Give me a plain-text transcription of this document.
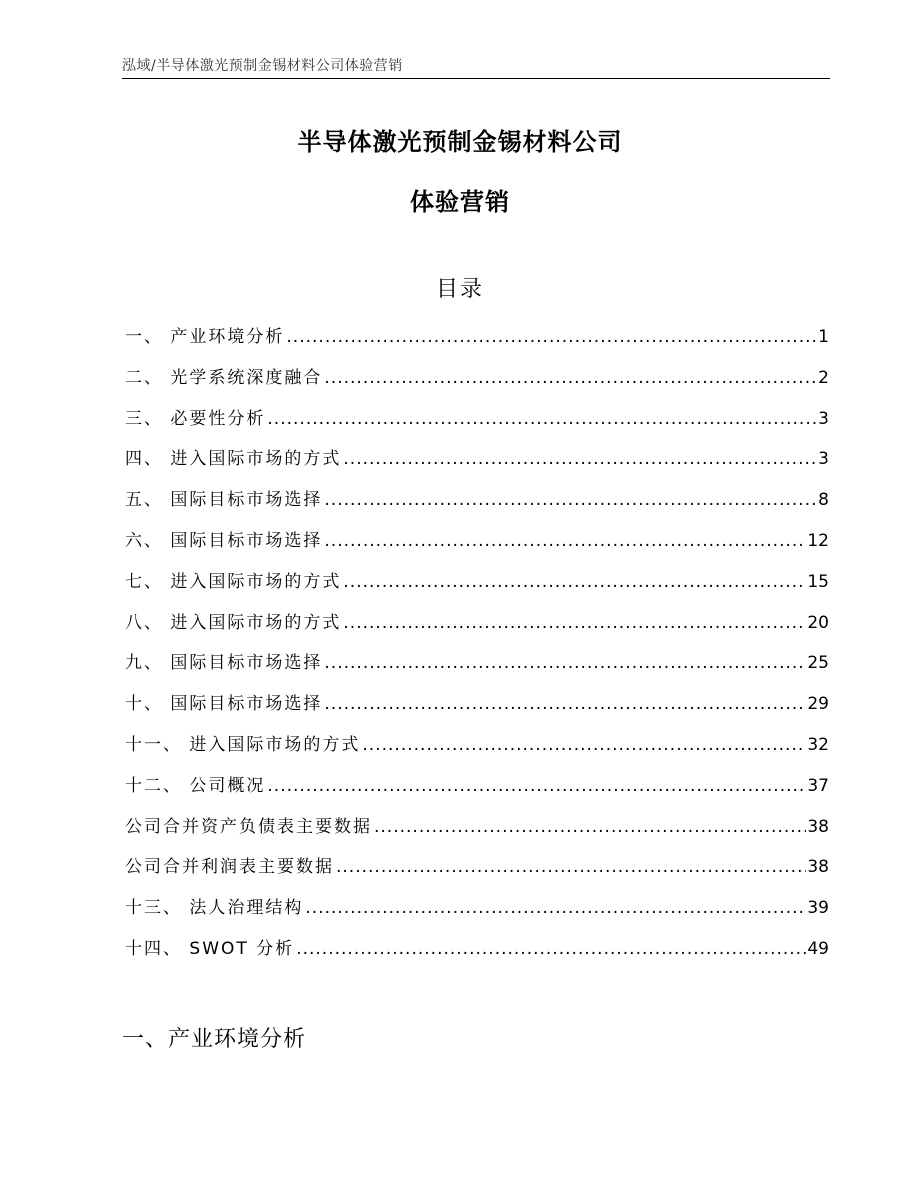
泓域/半导体激光预制金锡材料公司体验营销
半导体激光预制金锡材料公司
体验营销
目录
一、 产业环境分析 .....	1
二、 光学系统深度融合 .....	2
三、 必要性分析 .....	3
四、 进入国际市场的方式 .....	3
五、 国际目标市场选择 .....	8
六、 国际目标市场选择 .....	12
七、 进入国际市场的方式 .....	15
八、 进入国际市场的方式 .....	20
九、 国际目标市场选择 .....	25
十、 国际目标市场选择 .....	29
十一、 进入国际市场的方式 .....	32
十二、 公司概况 .....	37
公司合并资产负债表主要数据 .....	38
公司合并利润表主要数据 .....	38
十三、 法人治理结构 .....	39
十四、 SWOT 分析 .....	49
一、产业环境分析
